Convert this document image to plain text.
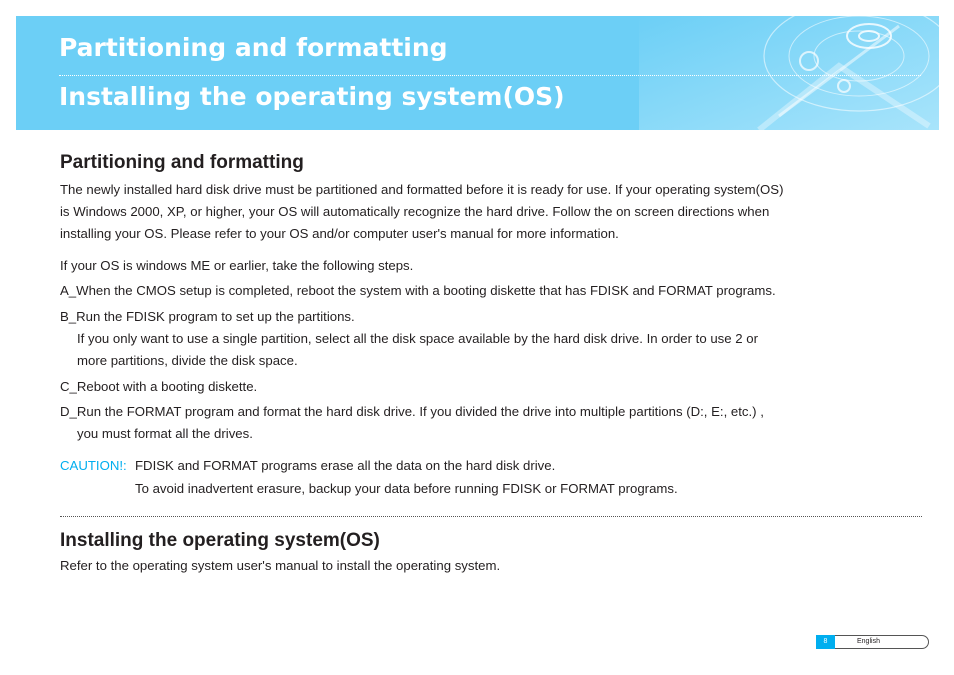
Partitioning and formatting
Installing the operating system(OS)
Partitioning and formatting

The newly installed hard disk drive must be partitioned and formatted before it is ready for use. If your operating system(OS)

is Windows 2000, XP, or higher, your OS will automatically recognize the hard drive. Follow the on screen directions when

installing your OS. Please refer to your OS and/or computer user's manual for more information.

If your OS is windows ME or earlier, take the following steps.

A_When the CMOS setup is completed, reboot the system with a booting diskette that has FDISK and FORMAT programs.

B_Run the FDISK program to set up the partitions.

If you only want to use a single partition, select all the disk space available by the hard disk drive. In order to use 2 or

more partitions, divide the disk space.

C_Reboot with a booting diskette.

D_Run the FORMAT program and format the hard disk drive. If you divided the drive into multiple partitions (D:, E:, etc.) ,

you must format all the drives.

CAUTION!: FDISK and FORMAT programs erase all the data on the hard disk drive.
To avoid inadvertent erasure, backup your data before running FDISK or FORMAT programs.
Installing the operating system(OS)

Refer to the operating system user's manual to install the operating system.

8	English
